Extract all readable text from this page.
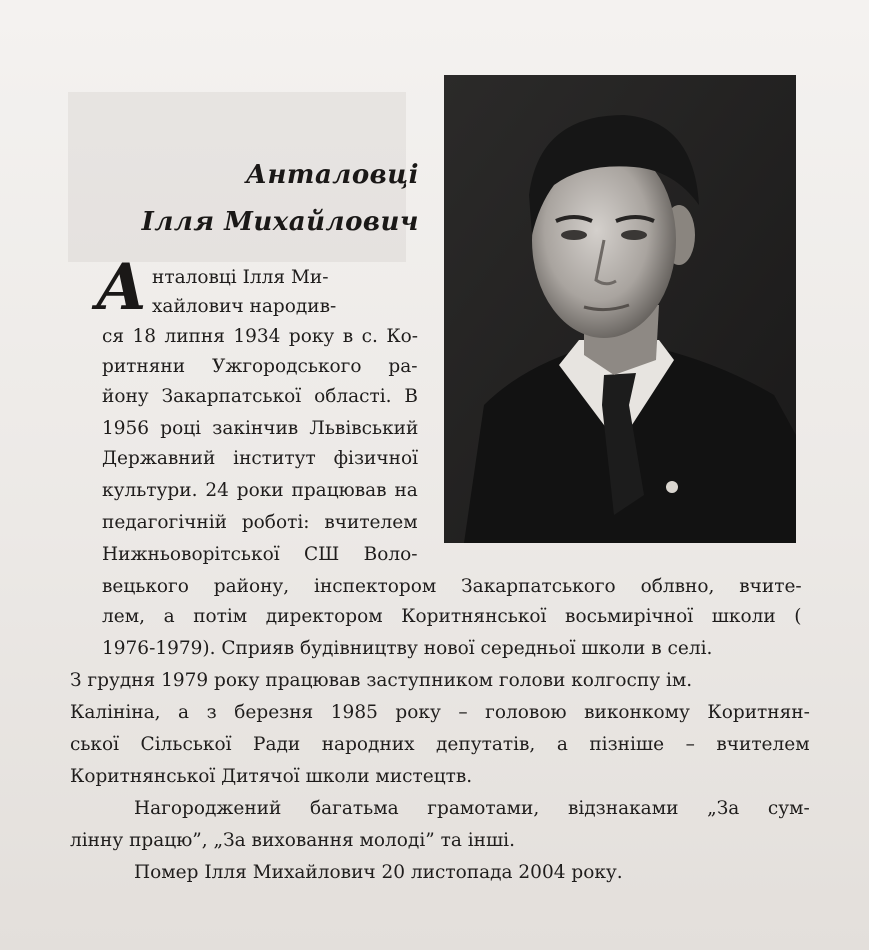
Анталовці
Ілля Михайлович
А нталовці Ілля Ми-
хайлович народив-
ся 18 липня 1934 року в с. Ко-
ритняни Ужгородського ра-
йону Закарпатської області. В
1956 році закінчив Львівський
Державний інститут фізичної
культури. 24 роки працював на
педагогічній роботі: вчителем
Нижньоворітської СШ Воло-
вецького району, інспектором Закарпатського облвно, вчите-
лем, а потім директором Коритнянської восьмирічної школи (
1976-1979). Сприяв будівництву нової середньої школи в селі.
З грудня 1979 року працював заступником голови колгоспу ім.
Калініна, а з березня 1985 року – головою виконкому Коритнян-
ської Сільської Ради народних депутатів, а пізніше – вчителем
Коритнянської Дитячої школи мистецтв.
Нагороджений багатьма грамотами, відзнаками „За сум-
лінну працю”, „За виховання молоді” та інші.
Помер Ілля Михайлович 20 листопада 2004 року.
